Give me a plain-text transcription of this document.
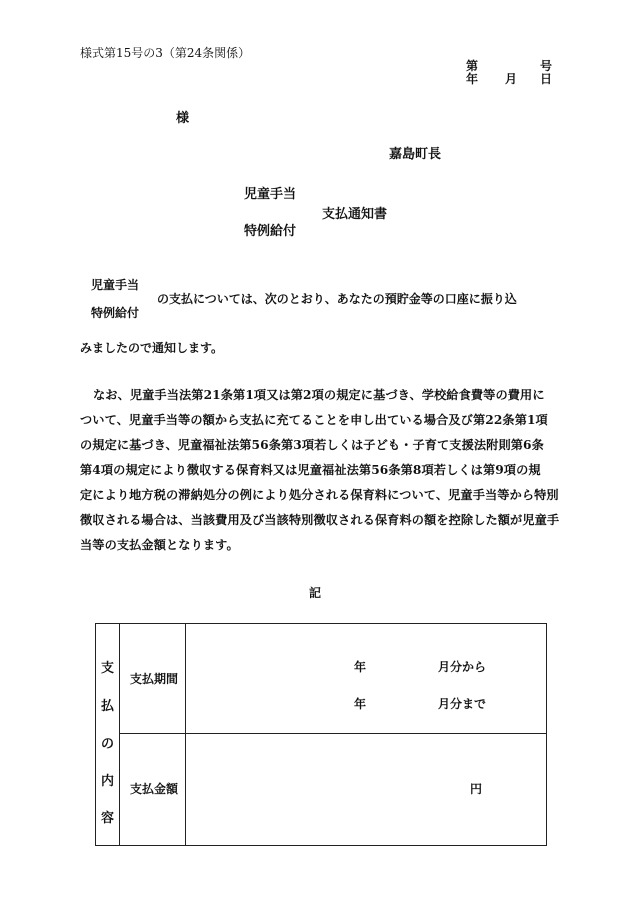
様式第15号の3（第24条関係）
第	号
年 月 日
様
嘉島町長
児童手当
支払通知書
特例給付
児童手当
特例給付
の支払については、次のとおり、あなたの預貯金等の口座に振り込
みましたので通知します。
なお、児童手当法第21条第1項又は第2項の規定に基づき、学校給食費等の費用に
ついて、児童手当等の額から支払に充てることを申し出ている場合及び第22条第1項
の規定に基づき、児童福祉法第56条第3項若しくは子ども・子育て支援法附則第6条
第4項の規定により徴収する保育料又は児童福祉法第56条第8項若しくは第9項の規
定により地方税の滞納処分の例により処分される保育料について、児童手当等から特別
徴収される場合は、当該費用及び当該特別徴収される保育料の額を控除した額が児童手
当等の支払金額となります。
記
支
払
の
内
容	支払期間	年 月分から
年 月分まで

	支払金額	円
